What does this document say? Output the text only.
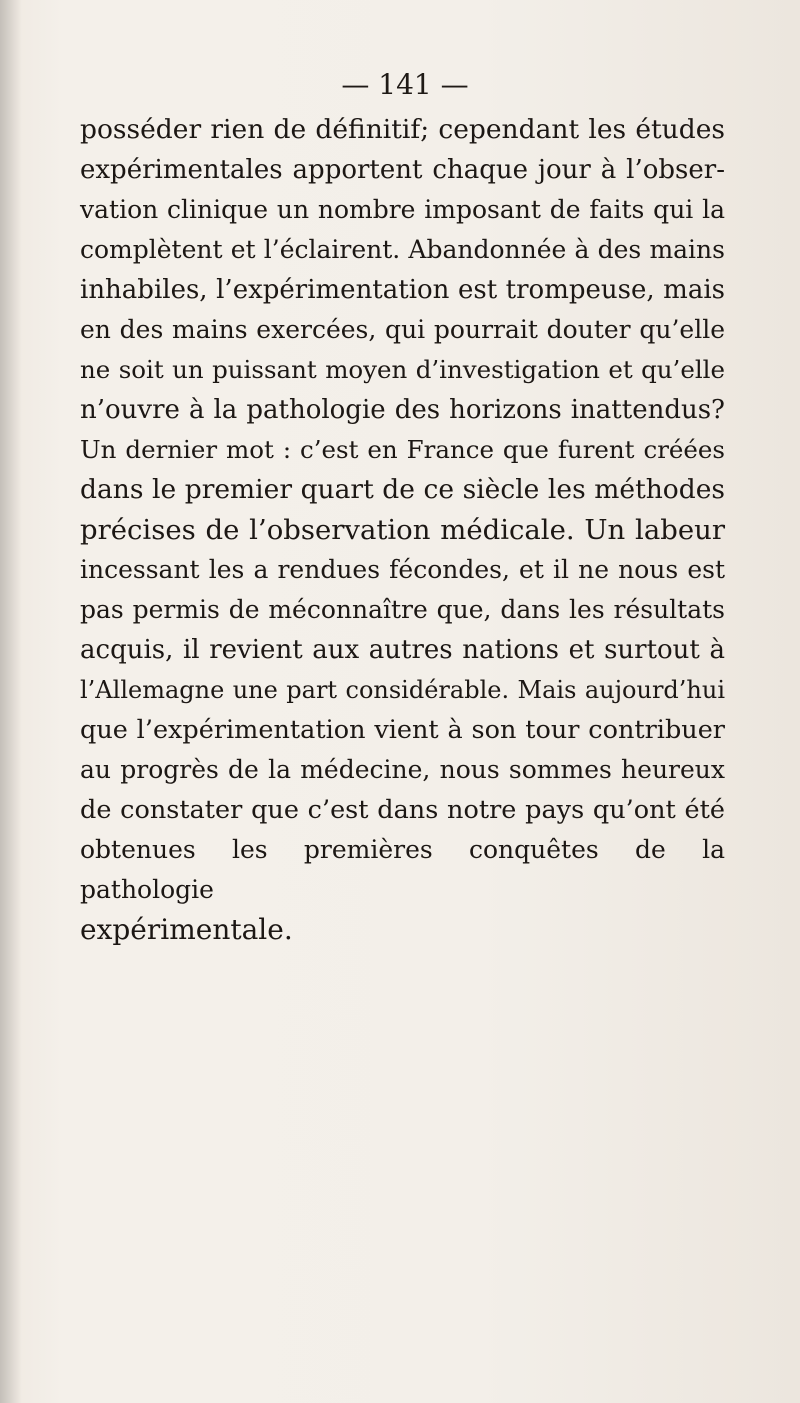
— 141 —
posséder rien de définitif; cependant les études
expérimentales apportent chaque jour à l’obser-
vation clinique un nombre imposant de faits qui la
complètent et l’éclairent. Abandonnée à des mains
inhabiles, l’expérimentation est trompeuse, mais
en des mains exercées, qui pourrait douter qu’elle
ne soit un puissant moyen d’investigation et qu’elle
n’ouvre à la pathologie des horizons inattendus?
Un dernier mot : c’est en France que furent créées
dans le premier quart de ce siècle les méthodes
précises de l’observation médicale. Un labeur
incessant les a rendues fécondes, et il ne nous est
pas permis de méconnaître que, dans les résultats
acquis, il revient aux autres nations et surtout à
l’Allemagne une part considérable. Mais aujourd’hui
que l’expérimentation vient à son tour contribuer
au progrès de la médecine, nous sommes heureux
de constater que c’est dans notre pays qu’ont été
obtenues les premières conquêtes de la pathologie
expérimentale.
